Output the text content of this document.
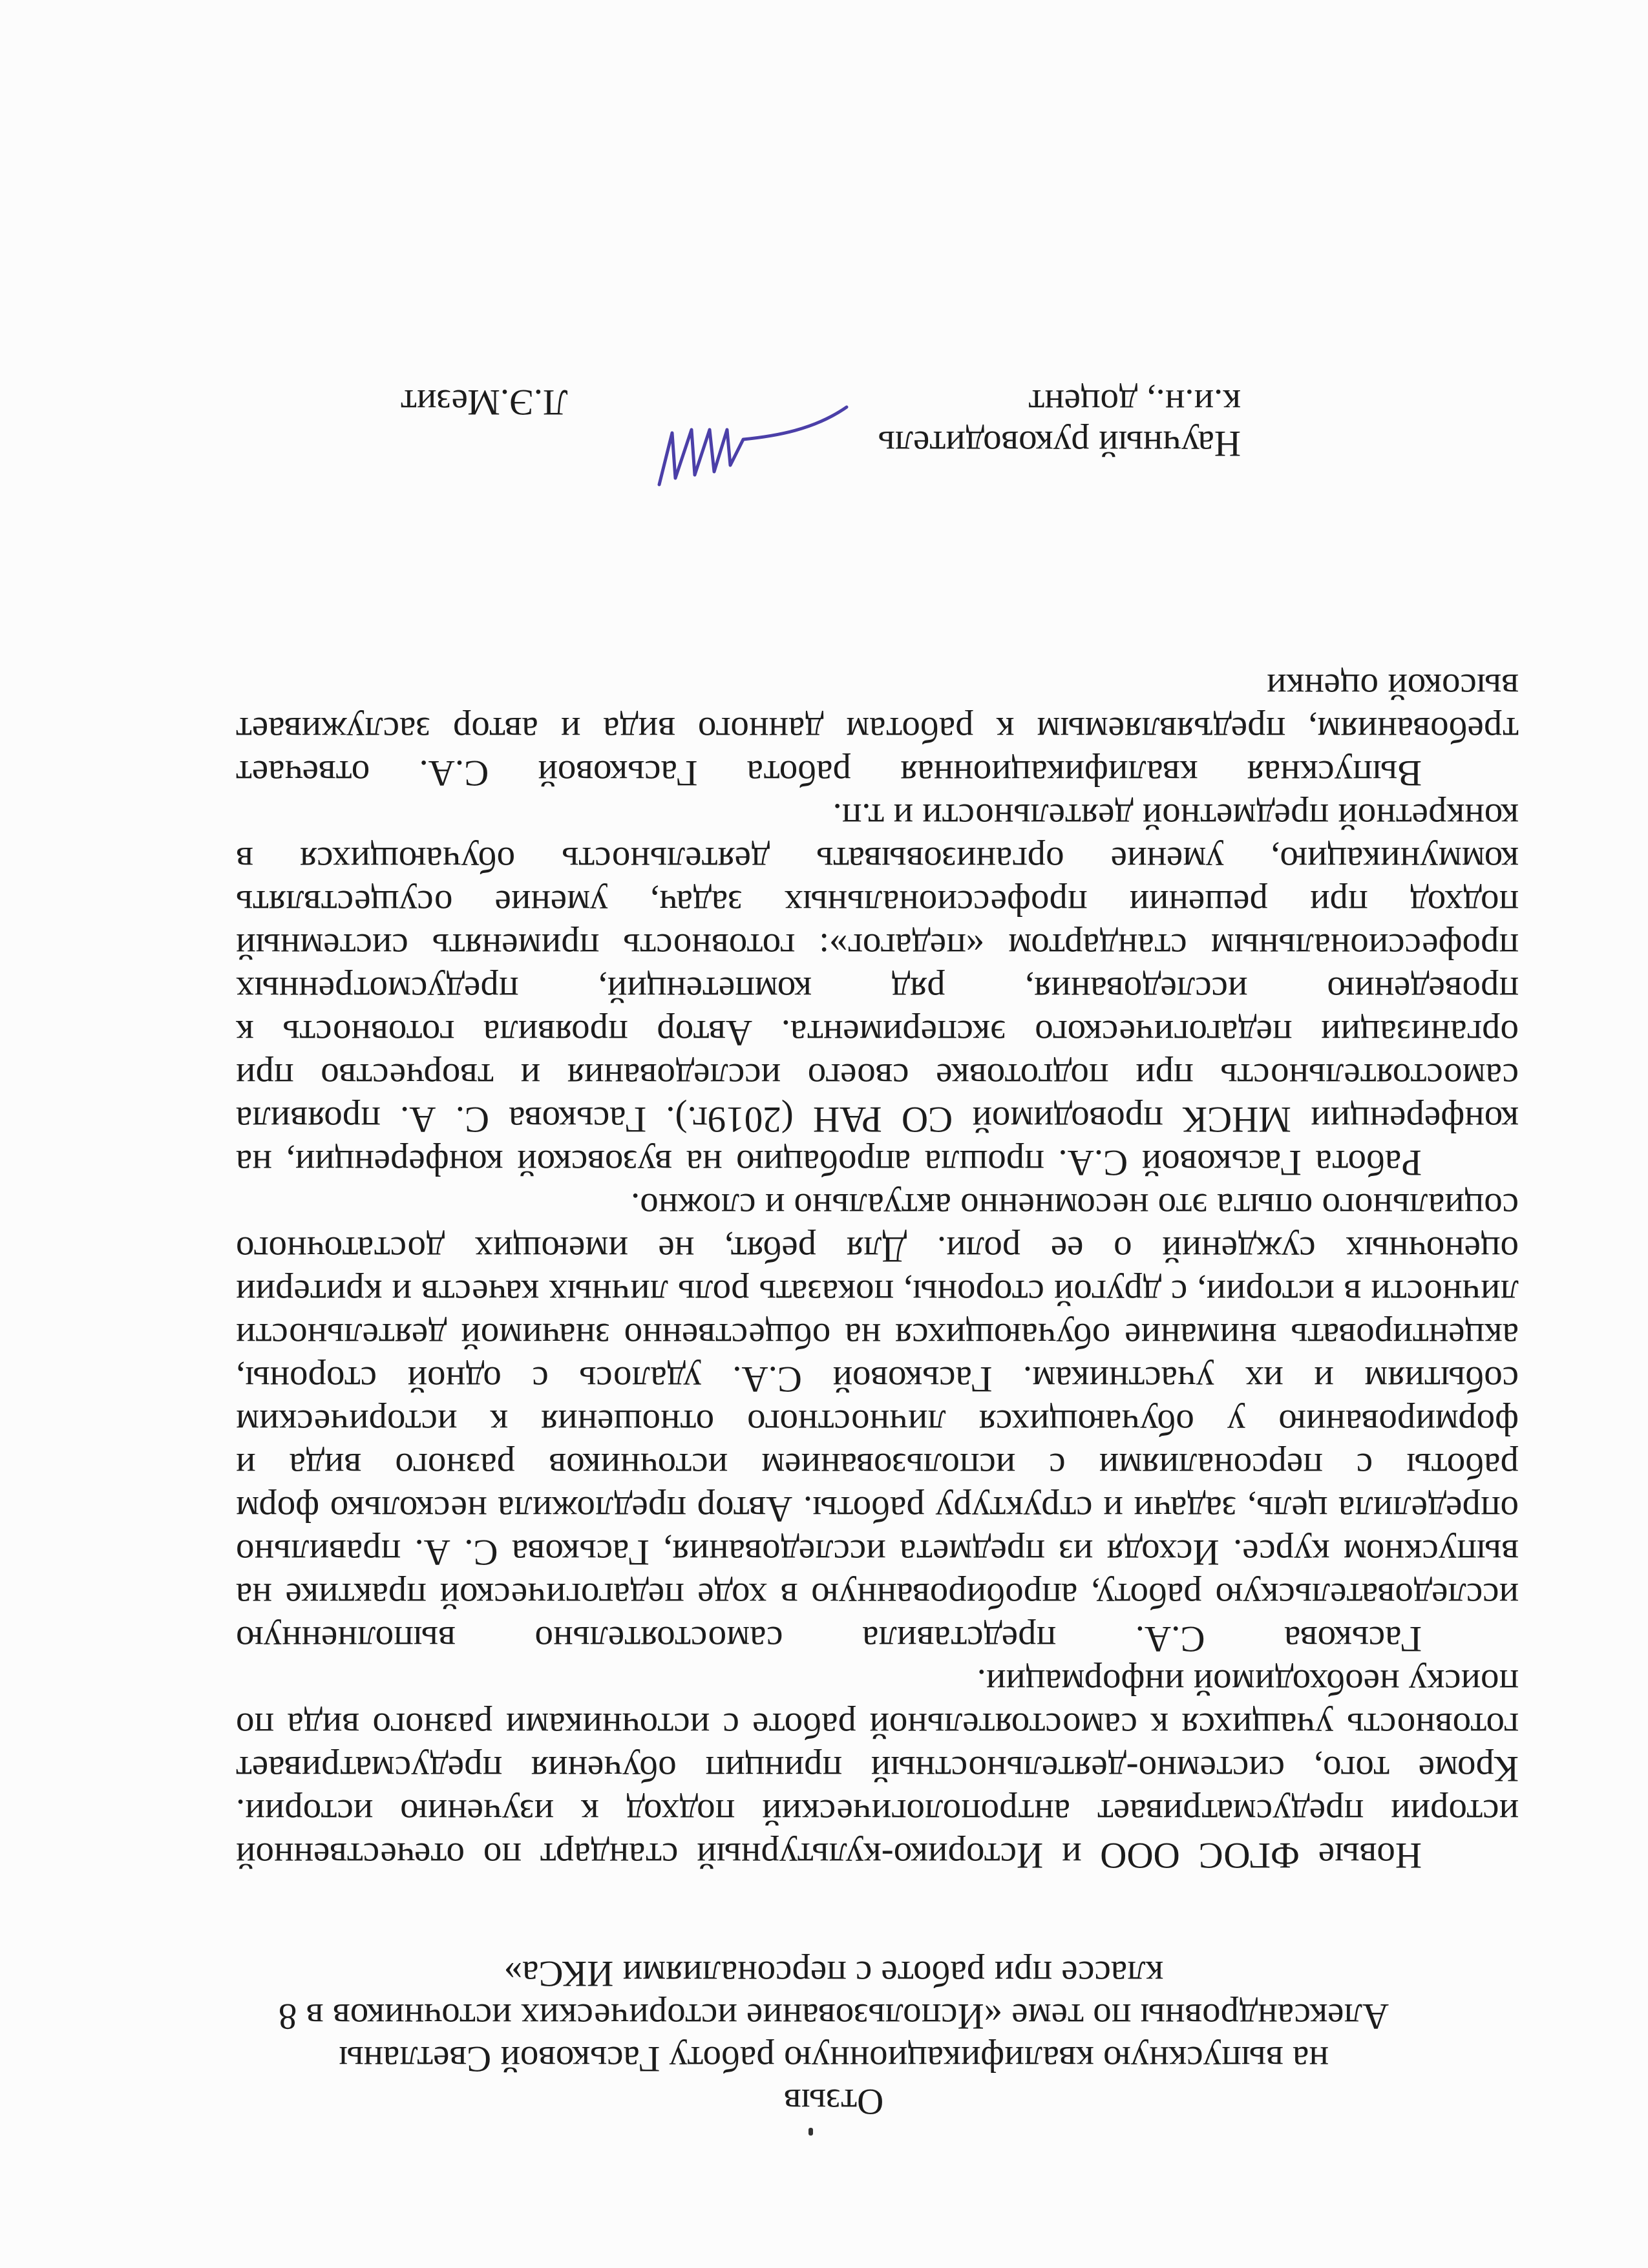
Отзыв
на выпускную квалификационную работу Гаськовой Светланы Александровны по теме «Использование исторических источников в 8 классе при работе с персоналиями ИКСа»

Новые ФГОС ООО и Историко-культурный стандарт по отечественной истории предусматривает антропологический подход к изучению истории. Кроме того, системно-деятельностный принцип обучения предусматривает готовность учащихся к самостоятельной работе с источниками разного вида по поиску необходимой информации.

Гаськова С.А. представила самостоятельно выполненную исследовательскую работу, апробированную в ходе педагогической практике на выпускном курсе. Исходя из предмета исследования, Гаськова С. А. правильно определила цель, задачи и структуру работы. Автор предложила несколько форм работы с персоналиями с использованием источников разного вида и формированию у обучающихся личностного отношения к историческим событиям и их участникам. Гаськовой С.А. удалось с одной стороны, акцентировать внимание обучающихся на общественно значимой деятельности личности в истории, с другой стороны, показать роль личных качеств и критерии оценочных суждений о ее роли. Для ребят, не имеющих достаточного социального опыта это несомненно актуально и сложно.

Работа Гаськовой С.А. прошла апробацию на вузовской конференции, на конференции МНСК проводимой СО РАН (2019г.). Гаськова С. А. проявила самостоятельность при подготовке своего исследования и творчество при организации педагогического эксперимента. Автор проявила готовность к проведению исследования, ряд компетенций, предусмотренных профессиональным стандартом «педагог»: готовность применять системный подход при решении профессиональных задач, умение осуществлять коммуникацию, умение организовывать деятельность обучающихся в конкретной предметной деятельности и т.п.

Выпускная квалификационная работа Гаськовой С.А. отвечает требованиям, предъявляемым к работам данного вида и автор заслуживает высокой оценки

Научный руководитель
к.и.н., доцент
Л.Э.Мезит
